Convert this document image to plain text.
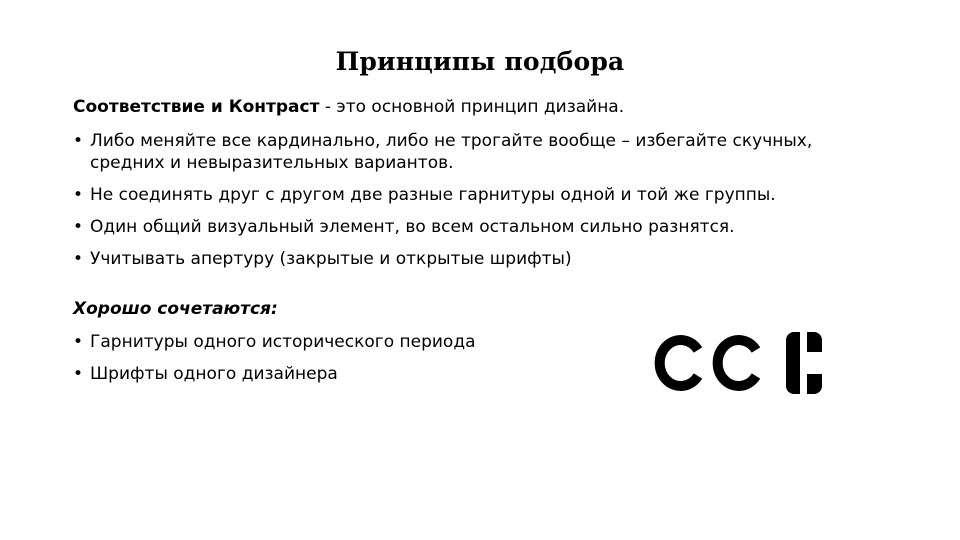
Принципы подбора

Соответствие и Контраст - это основной принцип дизайна.

• Либо меняйте все кардинально, либо не трогайте вообще – избегайте скучных, средних и невыразительных вариантов.
• Не соединять друг с другом две разные гарнитуры одной и той же группы.
• Один общий визуальный элемент, во всем остальном сильно разнятся.
• Учитывать апертуру (закрытые и открытые шрифты)
Хорошо сочетаются:
• Гарнитуры одного исторического периода
• Шрифты одного дизайнера
